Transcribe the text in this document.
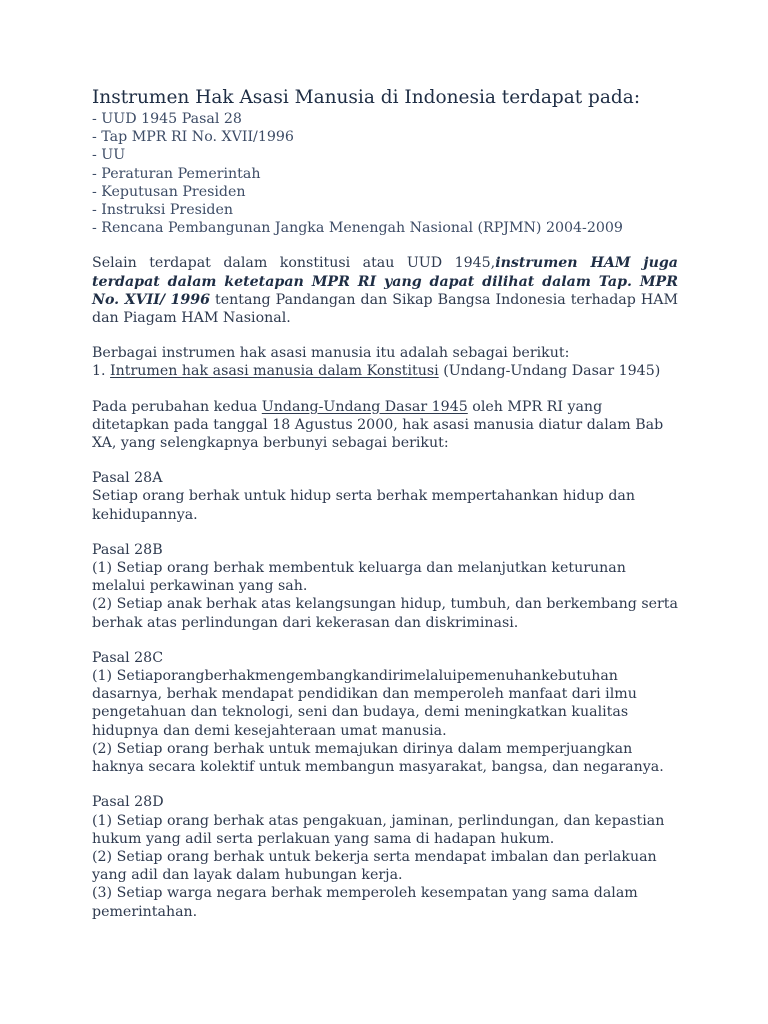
Instrumen Hak Asasi Manusia di Indonesia terdapat pada:
- UUD 1945 Pasal 28
- Tap MPR RI No. XVII/1996
- UU
- Peraturan Pemerintah
- Keputusan Presiden
- Instruksi Presiden
- Rencana Pembangunan Jangka Menengah Nasional (RPJMN) 2004-2009

Selain terdapat dalam konstitusi atau UUD 1945,instrumen HAM juga terdapat dalam ketetapan MPR RI yang dapat dilihat dalam Tap. MPR No. XVII/ 1996 tentang Pandangan dan Sikap Bangsa Indonesia terhadap HAM dan Piagam HAM Nasional.

Berbagai instrumen hak asasi manusia itu adalah sebagai berikut:

1. Intrumen hak asasi manusia dalam Konstitusi (Undang-Undang Dasar 1945)

Pada perubahan kedua Undang-Undang Dasar 1945 oleh MPR RI yang ditetapkan pada tanggal 18 Agustus 2000, hak asasi manusia diatur dalam Bab XA, yang selengkapnya berbunyi sebagai berikut:

Pasal 28A

Setiap orang berhak untuk hidup serta berhak mempertahankan hidup dan kehidupannya.

Pasal 28B

(1) Setiap orang berhak membentuk keluarga dan melanjutkan keturunan melalui perkawinan yang sah.

(2) Setiap anak berhak atas kelangsungan hidup, tumbuh, dan berkembang serta berhak atas perlindungan dari kekerasan dan diskriminasi.

Pasal 28C

(1) Setiaporangberhakmengembangkandirimelaluipemenuhankebutuhan dasarnya, berhak mendapat pendidikan dan memperoleh manfaat dari ilmu pengetahuan dan teknologi, seni dan budaya, demi meningkatkan kualitas hidupnya dan demi kesejahteraan umat manusia.

(2) Setiap orang berhak untuk memajukan dirinya dalam memperjuangkan haknya secara kolektif untuk membangun masyarakat, bangsa, dan negaranya.

Pasal 28D

(1) Setiap orang berhak atas pengakuan, jaminan, perlindungan, dan kepastian hukum yang adil serta perlakuan yang sama di hadapan hukum.

(2) Setiap orang berhak untuk bekerja serta mendapat imbalan dan perlakuan yang adil dan layak dalam hubungan kerja.

(3) Setiap warga negara berhak memperoleh kesempatan yang sama dalam pemerintahan.
